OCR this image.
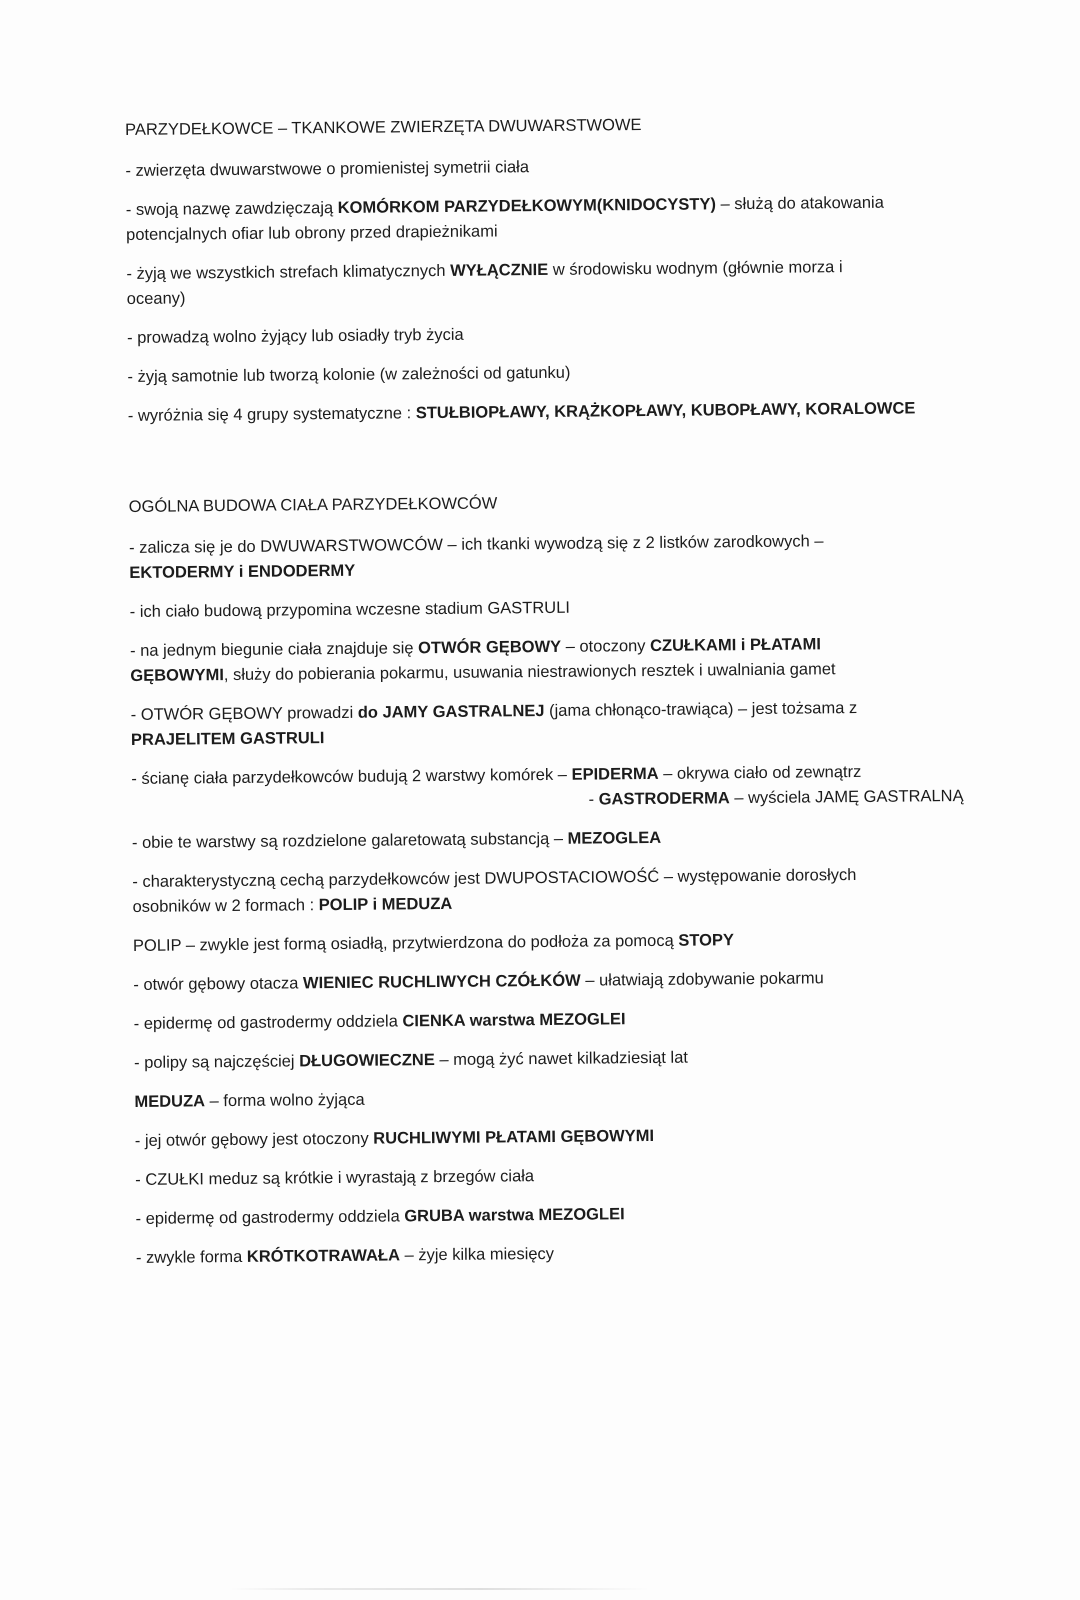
PARZYDEŁKOWCE – TKANKOWE ZWIERZĘTA DWUWARSTWOWE
- zwierzęta dwuwarstwowe o promienistej symetrii ciała
- swoją nazwę zawdzięczają KOMÓRKOM PARZYDEŁKOWYM(KNIDOCYSTY) – służą do atakowania
potencjalnych ofiar lub obrony przed drapieżnikami
- żyją we wszystkich strefach klimatycznych WYŁĄCZNIE w środowisku wodnym (głównie morza i
oceany)
- prowadzą wolno żyjący lub osiadły tryb życia
- żyją samotnie lub tworzą kolonie (w zależności od gatunku)
- wyróżnia się 4 grupy systematyczne : STUŁBIOPŁAWY, KRĄŻKOPŁAWY, KUBOPŁAWY, KORALOWCE
OGÓLNA BUDOWA CIAŁA PARZYDEŁKOWCÓW
- zalicza się je do DWUWARSTWOWCÓW – ich tkanki wywodzą się z 2 listków zarodkowych –
EKTODERMY i ENDODERMY
- ich ciało budową przypomina wczesne stadium GASTRULI
- na jednym biegunie ciała znajduje się OTWÓR GĘBOWY – otoczony CZUŁKAMI i PŁATAMI
GĘBOWYMI, służy do pobierania pokarmu, usuwania niestrawionych resztek i uwalniania gamet
- OTWÓR GĘBOWY prowadzi do JAMY GASTRALNEJ (jama chłonąco-trawiąca) – jest tożsama z
PRAJELITEM GASTRULI
- ścianę ciała parzydełkowców budują 2 warstwy komórek – EPIDERMA – okrywa ciało od zewnątrz
- GASTRODERMA – wyściela JAMĘ GASTRALNĄ
- obie te warstwy są rozdzielone galaretowatą substancją – MEZOGLEA
- charakterystyczną cechą parzydełkowców jest DWUPOSTACIOWOŚĆ – występowanie dorosłych
osobników w 2 formach : POLIP i MEDUZA
POLIP – zwykle jest formą osiadłą, przytwierdzona do podłoża za pomocą STOPY
- otwór gębowy otacza WIENIEC RUCHLIWYCH CZÓŁKÓW – ułatwiają zdobywanie pokarmu
- epidermę od gastrodermy oddziela CIENKA warstwa MEZOGLEI
- polipy są najczęściej DŁUGOWIECZNE – mogą żyć nawet kilkadziesiąt lat
MEDUZA – forma wolno żyjąca
- jej otwór gębowy jest otoczony RUCHLIWYMI PŁATAMI GĘBOWYMI
- CZUŁKI meduz są krótkie i wyrastają z brzegów ciała
- epidermę od gastrodermy oddziela GRUBA warstwa MEZOGLEI
- zwykle forma KRÓTKOTRAWAŁA – żyje kilka miesięcy
